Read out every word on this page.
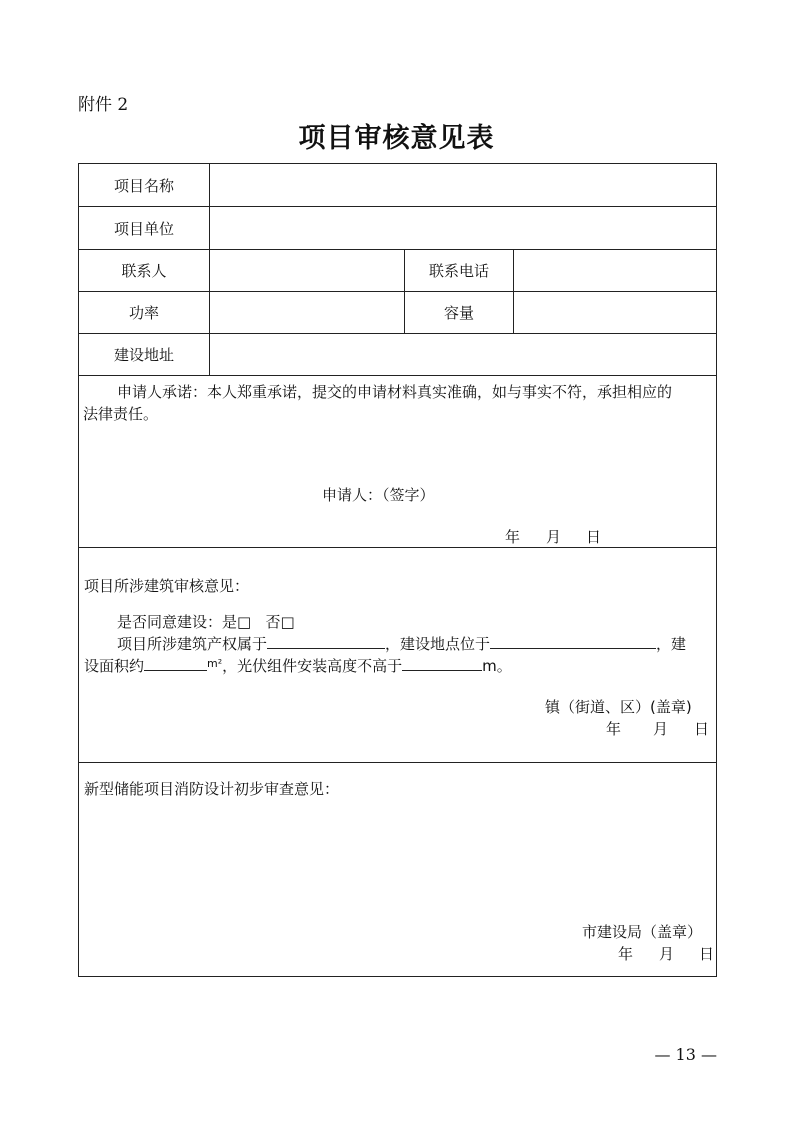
附件 2
项目审核意见表
项目名称
项目单位
联系人	联系电话
功率	容量
建设地址
申请人承诺：本人郑重承诺，提交的申请材料真实准确，如与事实不符，承担相应的
法律责任。
申请人：（签字）
年 月 日
项目所涉建筑审核意见：
是否同意建设：是□ 否□
项目所涉建筑产权属于	，建设地点位于	，建
设面积约	$^{m^2}$，光伏组件安装高度不高于	m。
镇（街道、区）(盖章)
年 月 日
新型储能项目消防设计初步审查意见：
市建设局（盖章）
年 月 日
— 13 —
